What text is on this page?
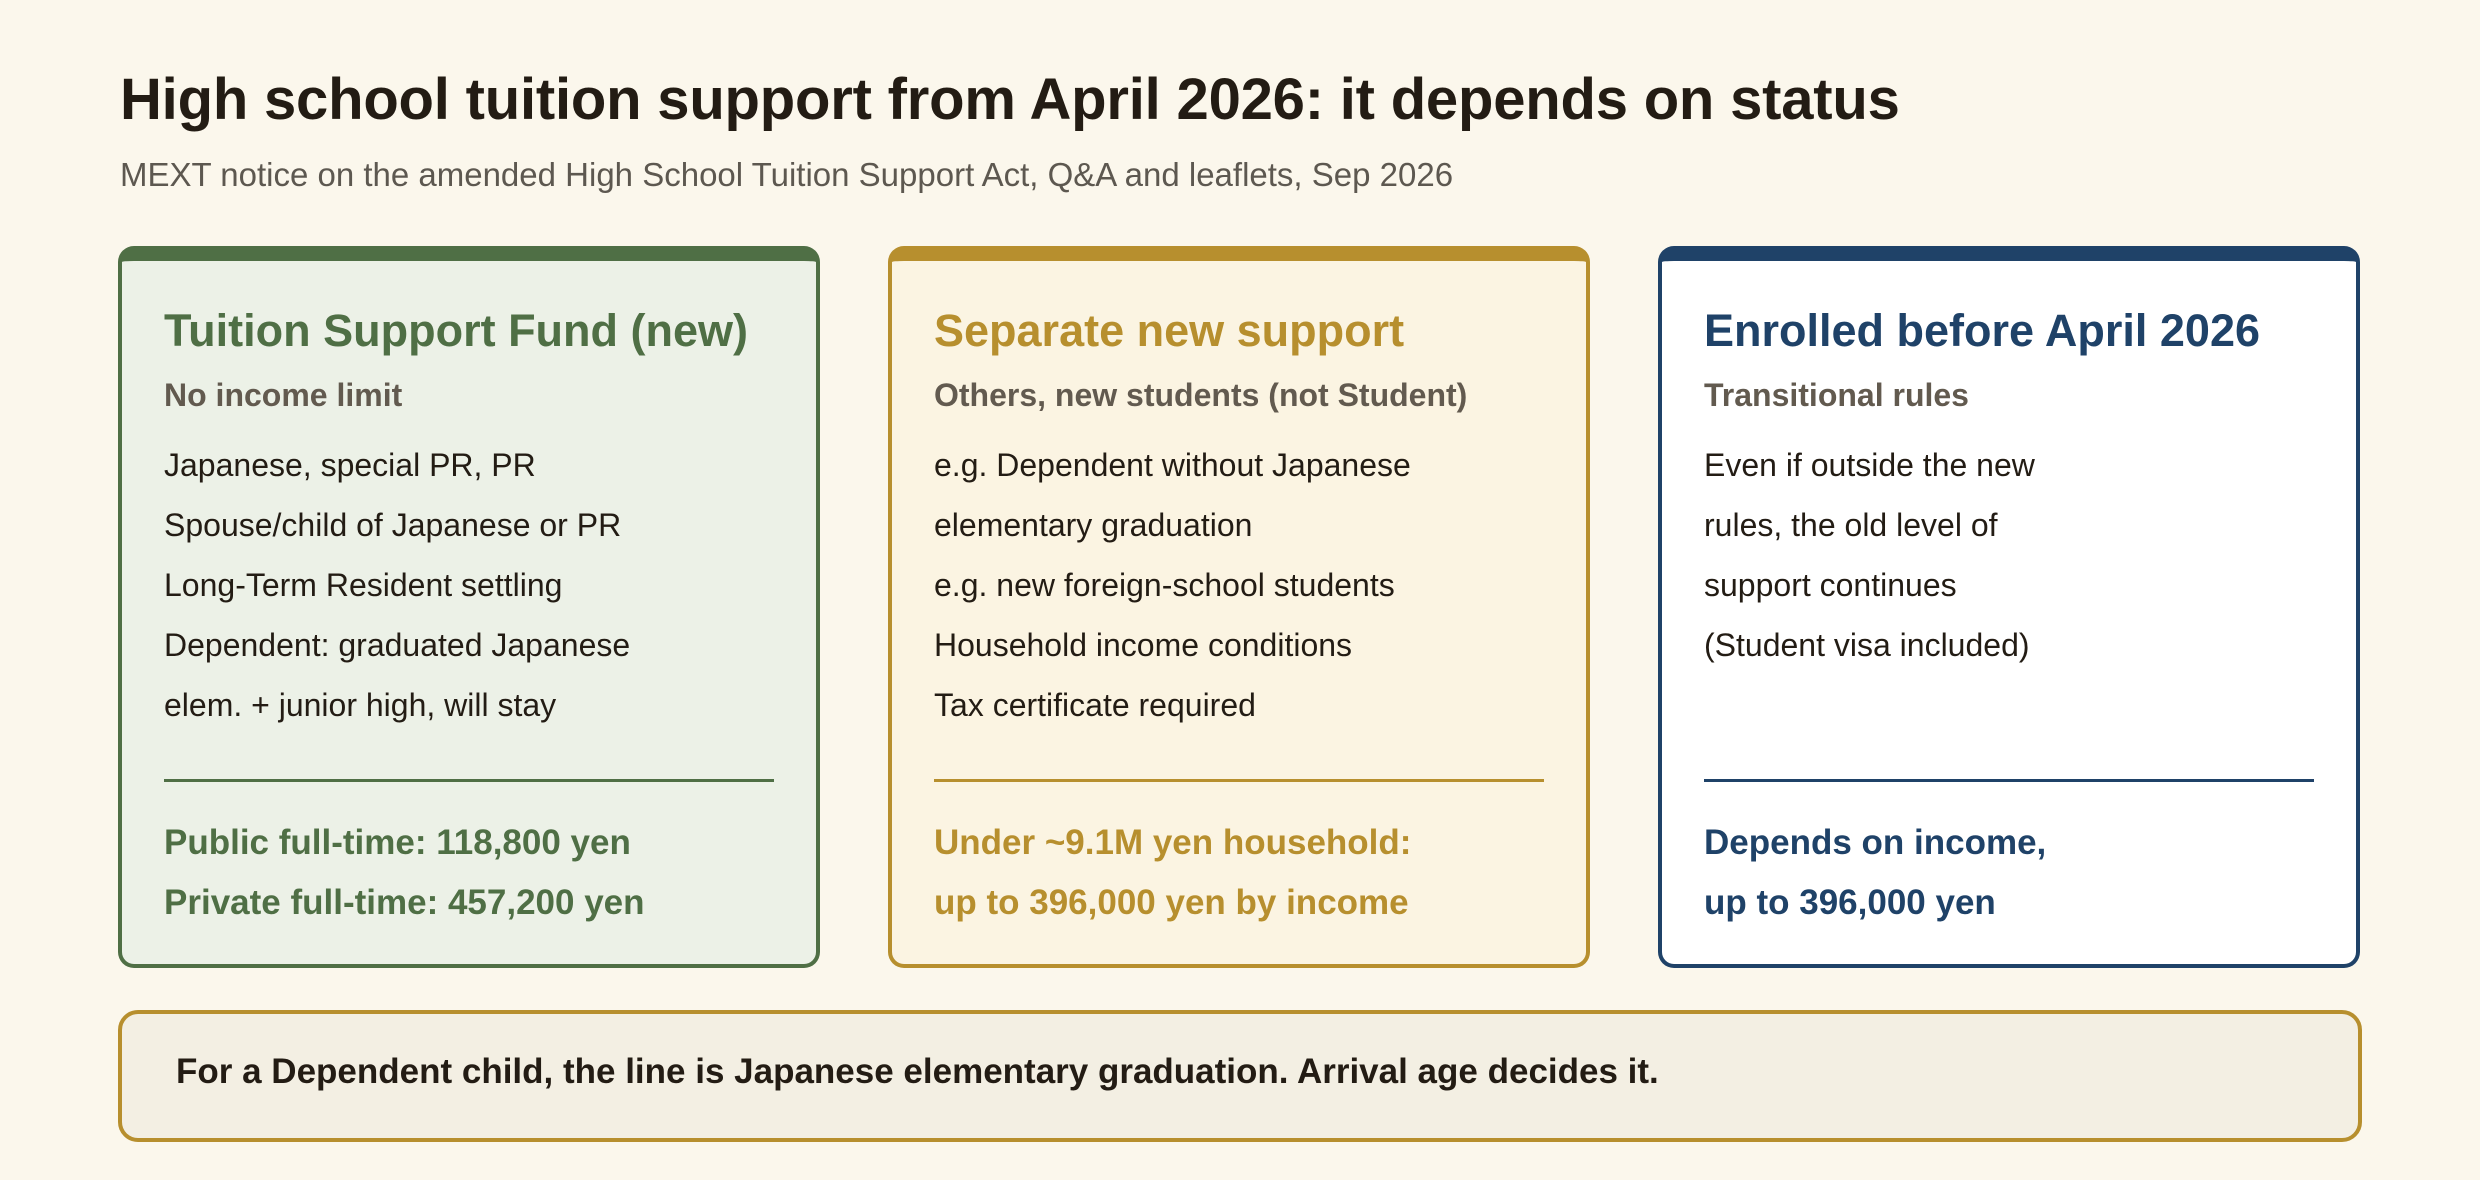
High school tuition support from April 2026: it depends on status
MEXT notice on the amended High School Tuition Support Act, Q&A and leaflets, Sep 2026
Tuition Support Fund (new)
No income limit
Japanese, special PR, PR
Spouse/child of Japanese or PR
Long-Term Resident settling
Dependent: graduated Japanese
elem. + junior high, will stay
Public full-time: 118,800 yen
Private full-time: 457,200 yen
Separate new support
Others, new students (not Student)
e.g. Dependent without Japanese
elementary graduation
e.g. new foreign-school students
Household income conditions
Tax certificate required
Under ~9.1M yen household:
up to 396,000 yen by income
Enrolled before April 2026
Transitional rules
Even if outside the new
rules, the old level of
support continues
(Student visa included)
Depends on income,
up to 396,000 yen
For a Dependent child, the line is Japanese elementary graduation. Arrival age decides it.
